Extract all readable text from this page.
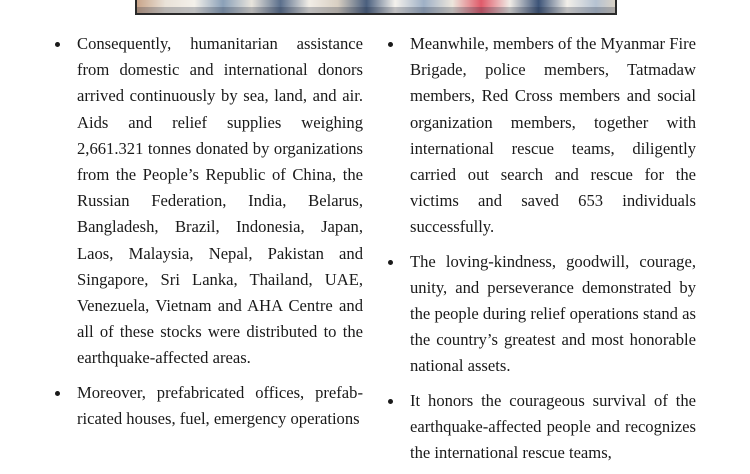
Consequently, humanitarian assistance from domestic and international donors arrived continuously by sea, land, and air. Aids and relief supplies weighing 2,661.321 tonnes donated by organizations from the People’s Republic of China, the Russian Federation, India, Belarus, Bangladesh, Brazil, Indonesia, Japan, Laos, Malaysia, Nepal, Pakistan and Singapore, Sri Lanka, Thailand, UAE, Venezuela, Vietnam and AHA Centre and all of these stocks were distributed to the earthquake-affected areas.
Moreover, prefabricated offices, prefabricated houses, fuel, emergency operations
Meanwhile, members of the Myanmar Fire Brigade, police members, Tatmadaw members, Red Cross members and social organization members, together with international rescue teams, diligently carried out search and rescue for the victims and saved 653 individuals successfully.
The loving-kindness, goodwill, courage, unity, and perseverance demonstrated by the people during relief operations stand as the country’s greatest and most honorable national assets.
It honors the courageous survival of the earthquake-affected people and recognizes the international rescue teams,
